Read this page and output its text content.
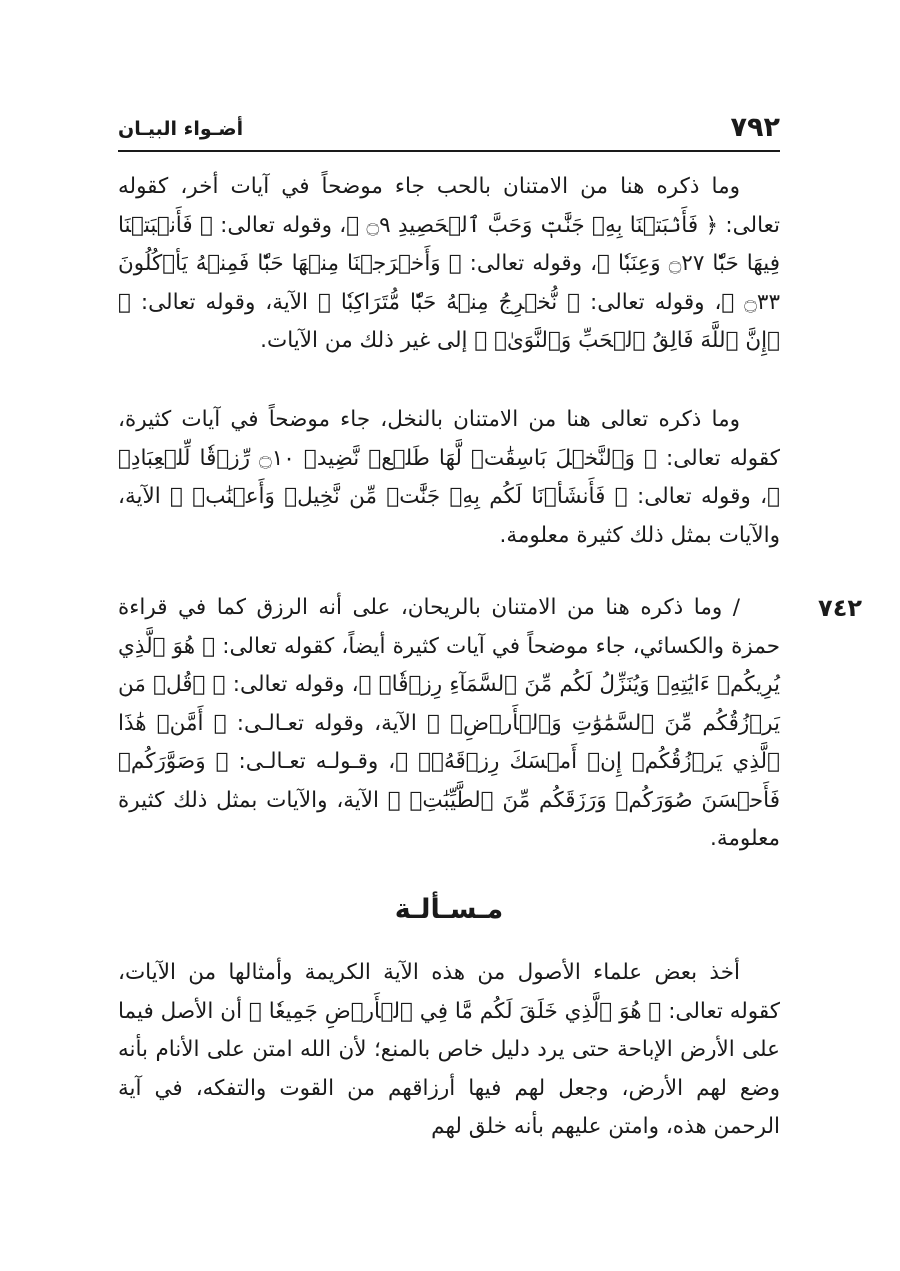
٧٩٢
أضـواء البيـان

وما ذكره هنا من الامتنان بالحب جاء موضحاً في آيات أخر، كقوله تعالى: ﴿ فَأَنۢبَتۡنَا بِهِۦ جَنَّٰتٖ وَحَبَّ ٱلۡحَصِيدِ ۝٩ ﴾، وقوله تعالى: ﴿ فَأَنۢبَتۡنَا فِيهَا حَبّٗا ۝٢٧ وَعِنَبٗا ﴾، وقوله تعالى: ﴿ وَأَخۡرَجۡنَا مِنۡهَا حَبّٗا فَمِنۡهُ يَأۡكُلُونَ ۝٣٣ ﴾، وقوله تعالى: ﴿ نُّخۡرِجُ مِنۡهُ حَبّٗا مُّتَرَاكِبٗا ﴾ الآية، وقوله تعالى: ﴿ ۞إِنَّ ٱللَّهَ فَالِقُ ٱلۡحَبِّ وَٱلنَّوَىٰۖ ﴾ إلى غير ذلك من الآيات.

وما ذكره تعالى هنا من الامتنان بالنخل، جاء موضحاً في آيات كثيرة، كقوله تعالى: ﴿ وَٱلنَّخۡلَ بَاسِقَٰتٖ لَّهَا طَلۡعٞ نَّضِيدٞ ۝١٠ رِّزۡقٗا لِّلۡعِبَادِۖ ﴾، وقوله تعالى: ﴿ فَأَنشَأۡنَا لَكُم بِهِۦ جَنَّٰتٖ مِّن نَّخِيلٖ وَأَعۡنَٰبٖ ﴾ الآية، والآيات بمثل ذلك كثيرة معلومة.

٧٤٢

/ وما ذكره هنا من الامتنان بالريحان، على أنه الرزق كما في قراءة حمزة والكسائي، جاء موضحاً في آيات كثيرة أيضاً، كقوله تعالى: ﴿ هُوَ ٱلَّذِي يُرِيكُمۡ ءَايَٰتِهِۦ وَيُنَزِّلُ لَكُم مِّنَ ٱلسَّمَآءِ رِزۡقٗاۚ ﴾، وقوله تعالى: ﴿ ۞قُلۡ مَن يَرۡزُقُكُم مِّنَ ٱلسَّمَٰوَٰتِ وَٱلۡأَرۡضِۖ ﴾ الآية، وقوله تعـالـى: ﴿ أَمَّنۡ هَٰذَا ٱلَّذِي يَرۡزُقُكُمۡ إِنۡ أَمۡسَكَ رِزۡقَهُۥۚ ﴾، وقـولـه تعـالـى: ﴿ وَصَوَّرَكُمۡ فَأَحۡسَنَ صُوَرَكُمۡ وَرَزَقَكُم مِّنَ ٱلطَّيِّبَٰتِۚ ﴾ الآية، والآيات بمثل ذلك كثيرة معلومة.

مـسـألـة

أخذ بعض علماء الأصول من هذه الآية الكريمة وأمثالها من الآيات، كقوله تعالى: ﴿ هُوَ ٱلَّذِي خَلَقَ لَكُم مَّا فِي ٱلۡأَرۡضِ جَمِيعٗا ﴾ أن الأصل فيما على الأرض الإباحة حتى يرد دليل خاص بالمنع؛ لأن الله امتن على الأنام بأنه وضع لهم الأرض، وجعل لهم فيها أرزاقهم من القوت والتفكه، في آية الرحمن هذه، وامتن عليهم بأنه خلق لهم
